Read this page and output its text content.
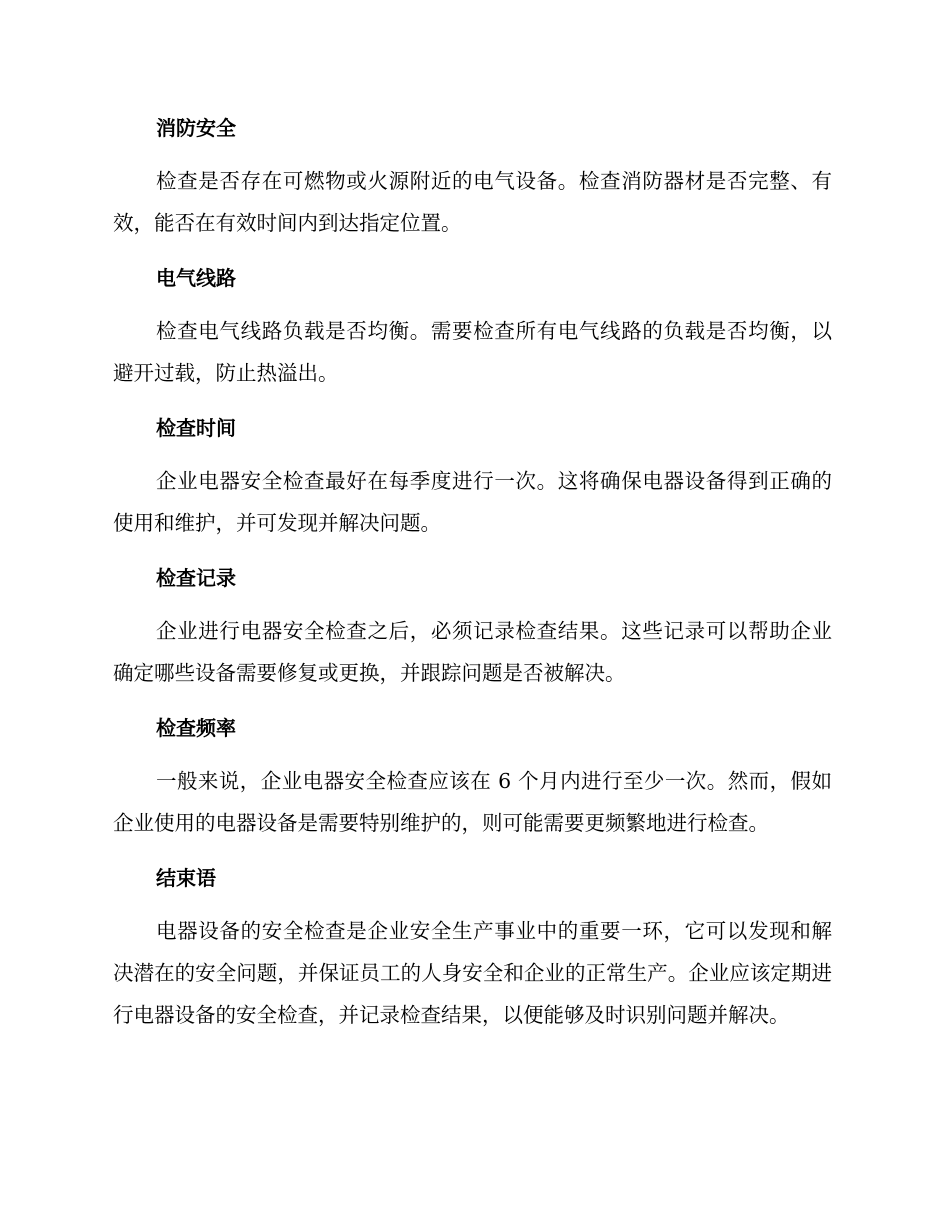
消防安全

检查是否存在可燃物或火源附近的电气设备。检查消防器材是否完整、有效，能否在有效时间内到达指定位置。

电气线路

检查电气线路负载是否均衡。需要检查所有电气线路的负载是否均衡，以避开过载，防止热溢出。

检查时间

企业电器安全检查最好在每季度进行一次。这将确保电器设备得到正确的使用和维护，并可发现并解决问题。

检查记录

企业进行电器安全检查之后，必须记录检查结果。这些记录可以帮助企业确定哪些设备需要修复或更换，并跟踪问题是否被解决。

检查频率

一般来说，企业电器安全检查应该在 6 个月内进行至少一次。然而，假如企业使用的电器设备是需要特别维护的，则可能需要更频繁地进行检查。

结束语

电器设备的安全检查是企业安全生产事业中的重要一环，它可以发现和解决潜在的安全问题，并保证员工的人身安全和企业的正常生产。企业应该定期进行电器设备的安全检查，并记录检查结果，以便能够及时识别问题并解决。
